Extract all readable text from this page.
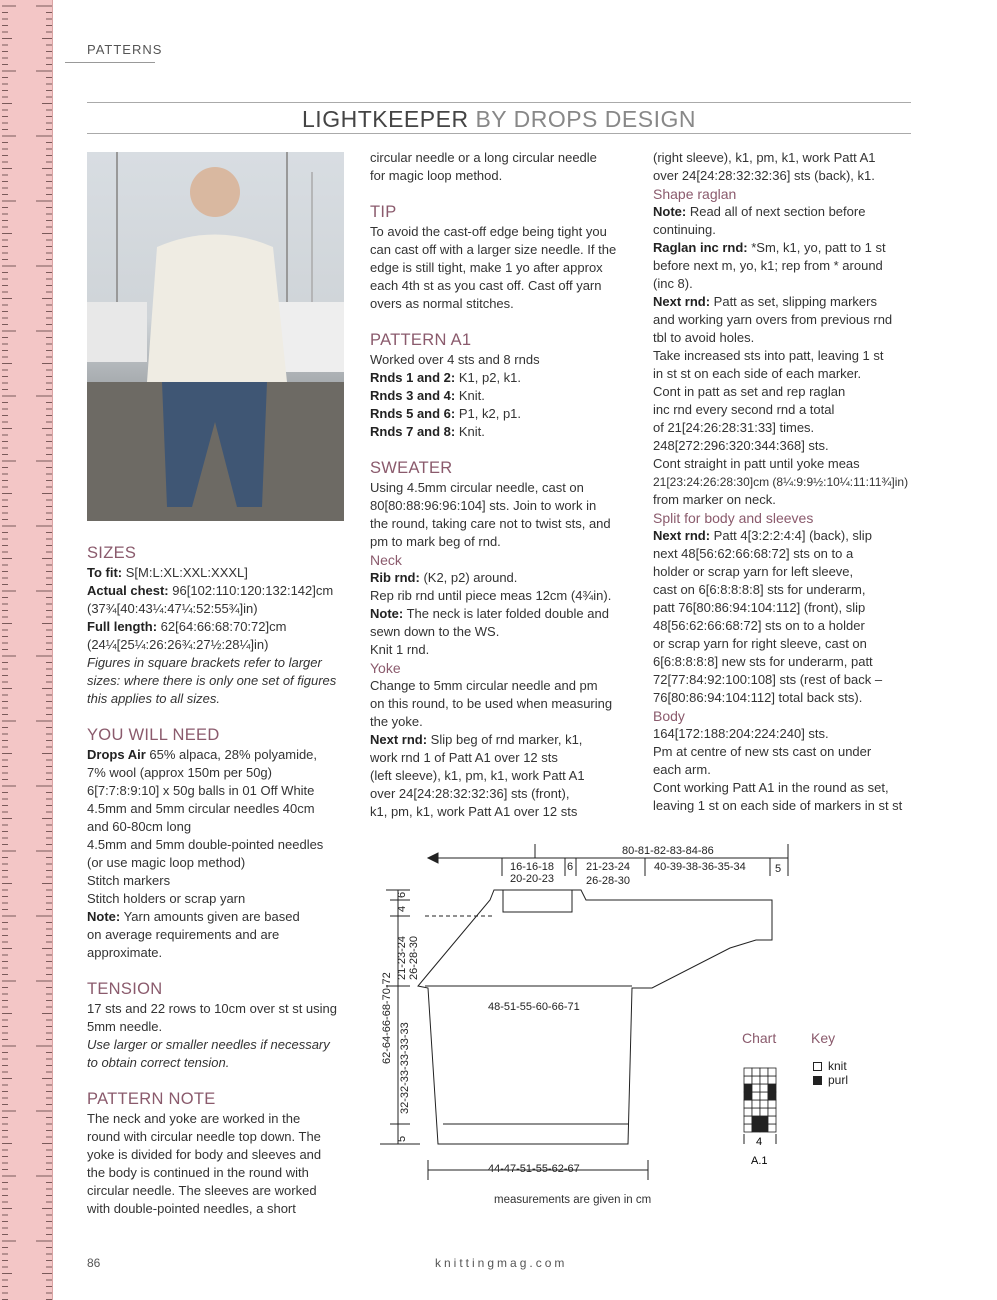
PATTERNS
LIGHTKEEPER BY DROPS DESIGN

SIZES

To fit: S[M:L:XL:XXL:XXXL]

Actual chest: 96[102:110:120:132:142]cm

(37¾[40:43¼:47¼:52:55¾]in)

Full length: 62[64:66:68:70:72]cm

(24¼[25¼:26:26¾:27½:28¼]in)

Figures in square brackets refer to larger

sizes: where there is only one set of figures

this applies to all sizes.

YOU WILL NEED

Drops Air 65% alpaca, 28% polyamide,

7% wool (approx 150m per 50g)

6[7:7:8:9:10] x 50g balls in 01 Off White

4.5mm and 5mm circular needles 40cm

and 60-80cm long

4.5mm and 5mm double-pointed needles

(or use magic loop method)

Stitch markers

Stitch holders or scrap yarn

Note: Yarn amounts given are based

on average requirements and are

approximate.

TENSION

17 sts and 22 rows to 10cm over st st using

5mm needle.

Use larger or smaller needles if necessary

to obtain correct tension.

PATTERN NOTE

The neck and yoke are worked in the

round with circular needle top down. The

yoke is divided for body and sleeves and

the body is continued in the round with

circular needle. The sleeves are worked

with double-pointed needles, a short

circular needle or a long circular needle

for magic loop method.

TIP

To avoid the cast-off edge being tight you

can cast off with a larger size needle. If the

edge is still tight, make 1 yo after approx

each 4th st as you cast off. Cast off yarn

overs as normal stitches.

PATTERN A1

Worked over 4 sts and 8 rnds

Rnds 1 and 2: K1, p2, k1.

Rnds 3 and 4: Knit.

Rnds 5 and 6: P1, k2, p1.

Rnds 7 and 8: Knit.

SWEATER

Using 4.5mm circular needle, cast on

80[80:88:96:96:104] sts. Join to work in

the round, taking care not to twist sts, and

pm to mark beg of rnd.

Neck

Rib rnd: (K2, p2) around.

Rep rib rnd until piece meas 12cm (4¾in).

Note: The neck is later folded double and

sewn down to the WS.

Knit 1 rnd.

Yoke

Change to 5mm circular needle and pm

on this round, to be used when measuring

the yoke.

Next rnd: Slip beg of rnd marker, k1,

work rnd 1 of Patt A1 over 12 sts

(left sleeve), k1, pm, k1, work Patt A1

over 24[24:28:32:32:36] sts (front),

k1, pm, k1, work Patt A1 over 12 sts

(right sleeve), k1, pm, k1, work Patt A1

over 24[24:28:32:32:36] sts (back), k1.

Shape raglan

Note: Read all of next section before

continuing.

Raglan inc rnd: *Sm, k1, yo, patt to 1 st

before next m, yo, k1; rep from * around

(inc 8).

Next rnd: Patt as set, slipping markers

and working yarn overs from previous rnd

tbl to avoid holes.

Take increased sts into patt, leaving 1 st

in st st on each side of each marker.

Cont in patt as set and rep raglan

inc rnd every second rnd a total

of 21[24:26:28:31:33] times.

248[272:296:320:344:368] sts.

Cont straight in patt until yoke meas

21[23:24:26:28:30]cm (8¼:9:9½:10¼:11:11¾]in)

from marker on neck.

Split for body and sleeves

Next rnd: Patt 4[3:2:2:4:4] (back), slip

next 48[56:62:66:68:72] sts on to a

holder or scrap yarn for left sleeve,

cast on 6[6:8:8:8:8] sts for underarm,

patt 76[80:86:94:104:112] (front), slip

48[56:62:66:68:72] sts on to a holder

or scrap yarn for right sleeve, cast on

6[6:8:8:8:8] new sts for underarm, patt

72[77:84:92:100:108] sts (rest of back –

76[80:86:94:104:112] total back sts).

Body

164[172:188:204:224:240] sts.

Pm at centre of new sts cast on under

each arm.

Cont working Patt A1 in the round as set,

leaving 1 st on each side of markers in st st

80-81-82-83-84-86
16-16-18
20-20-23
6 21-23-24
26-28-30
40-39-38-36-35-34	5
48-51-55-60-66-71
44-47-51-55-62-67
6
4
21-23-24 26-28-30
62-64-66-68-70-72
32-32-33-33-33-33
5
measurements are given in cm
Chart Key
knit
purl
4
A.1
86	knittingmag.com
